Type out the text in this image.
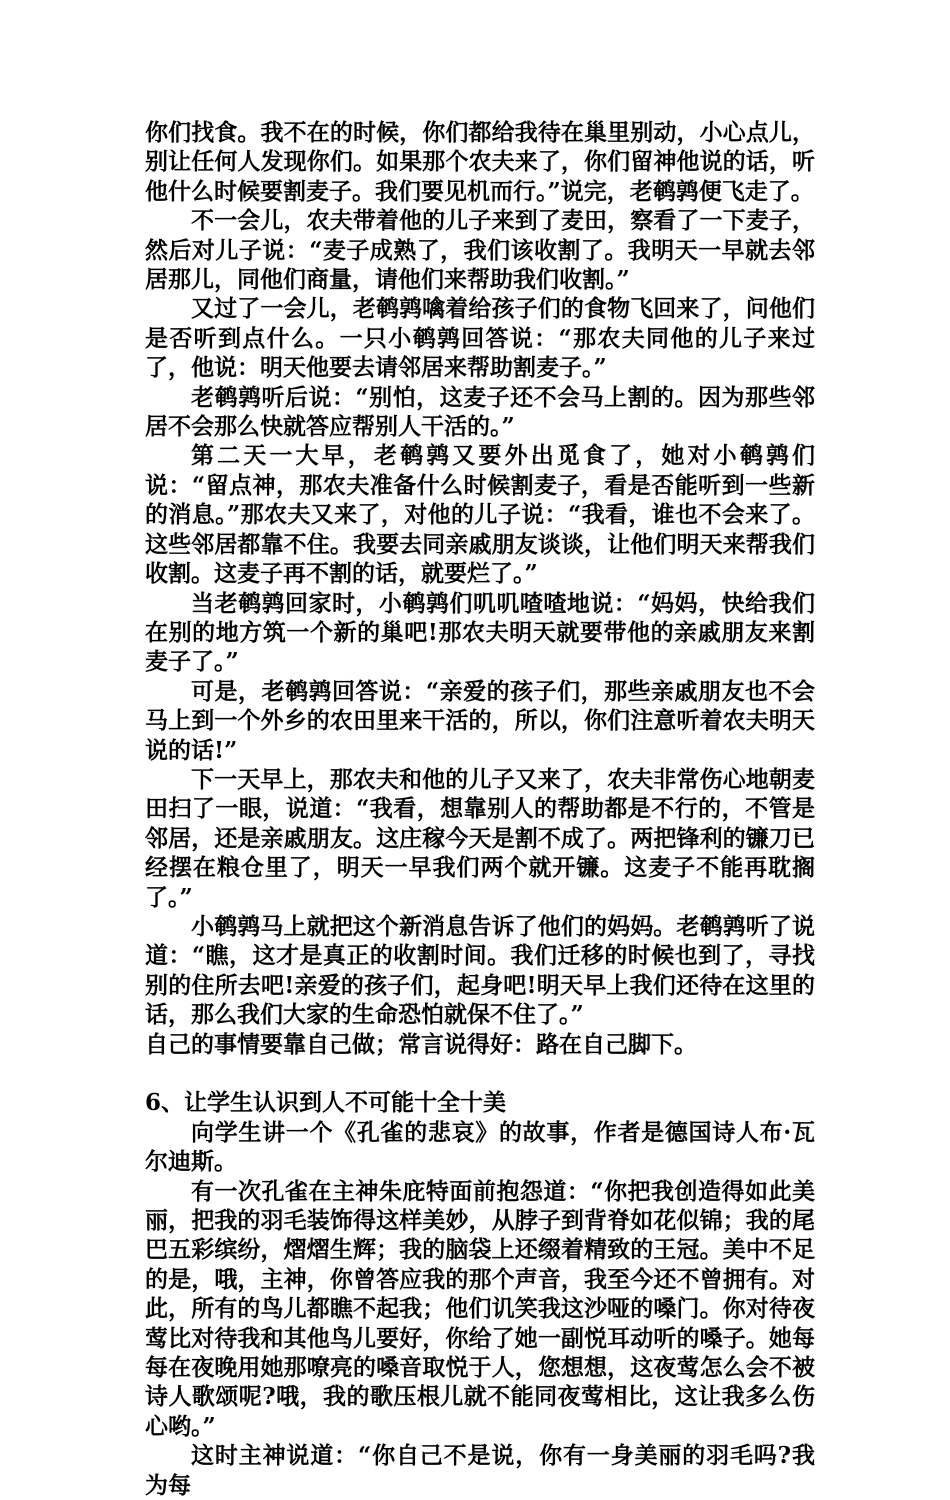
你们找食。我不在的时候，你们都给我待在巢里别动，小心点儿，别让任何人发现你们。如果那个农夫来了，你们留神他说的话，听他什么时候要割麦子。我们要见机而行。”说完，老鹌鹑便飞走了。

不一会儿，农夫带着他的儿子来到了麦田，察看了一下麦子，然后对儿子说：“麦子成熟了，我们该收割了。我明天一早就去邻居那儿，同他们商量，请他们来帮助我们收割。”

又过了一会儿，老鹌鹑噙着给孩子们的食物飞回来了，问他们是否听到点什么。一只小鹌鹑回答说：“那农夫同他的儿子来过了，他说：明天他要去请邻居来帮助割麦子。”

老鹌鹑听后说：“别怕，这麦子还不会马上割的。因为那些邻居不会那么快就答应帮别人干活的。”

第二天一大早，老鹌鹑又要外出觅食了，她对小鹌鹑们说：“留点神，那农夫准备什么时候割麦子，看是否能听到一些新的消息。”那农夫又来了，对他的儿子说：“我看，谁也不会来了。这些邻居都靠不住。我要去同亲戚朋友谈谈，让他们明天来帮我们收割。这麦子再不割的话，就要烂了。”

当老鹌鹑回家时，小鹌鹑们叽叽喳喳地说：“妈妈，快给我们在别的地方筑一个新的巢吧!那农夫明天就要带他的亲戚朋友来割麦子了。”

可是，老鹌鹑回答说：“亲爱的孩子们，那些亲戚朋友也不会马上到一个外乡的农田里来干活的，所以，你们注意听着农夫明天说的话!”

下一天早上，那农夫和他的儿子又来了，农夫非常伤心地朝麦田扫了一眼，说道：“我看，想靠别人的帮助都是不行的，不管是邻居，还是亲戚朋友。这庄稼今天是割不成了。两把锋利的镰刀已经摆在粮仓里了，明天一早我们两个就开镰。这麦子不能再耽搁了。”

小鹌鹑马上就把这个新消息告诉了他们的妈妈。老鹌鹑听了说道：“瞧，这才是真正的收割时间。我们迁移的时候也到了，寻找别的住所去吧!亲爱的孩子们，起身吧!明天早上我们还待在这里的话，那么我们大家的生命恐怕就保不住了。”

自己的事情要靠自己做；常言说得好：路在自己脚下。

6、让学生认识到人不可能十全十美

向学生讲一个《孔雀的悲哀》的故事，作者是德国诗人布·瓦尔迪斯。

有一次孔雀在主神朱庇特面前抱怨道：“你把我创造得如此美丽，把我的羽毛装饰得这样美妙，从脖子到背脊如花似锦；我的尾巴五彩缤纷，熠熠生辉；我的脑袋上还缀着精致的王冠。美中不足的是，哦，主神，你曾答应我的那个声音，我至今还不曾拥有。对此，所有的鸟儿都瞧不起我；他们讥笑我这沙哑的嗓门。你对待夜莺比对待我和其他鸟儿要好，你给了她一副悦耳动听的嗓子。她每每在夜晚用她那嘹亮的嗓音取悦于人，您想想，这夜莺怎么会不被诗人歌颂呢?哦，我的歌压根儿就不能同夜莺相比，这让我多么伤心哟。”

这时主神说道：“你自己不是说，你有一身美丽的羽毛吗?我为每
